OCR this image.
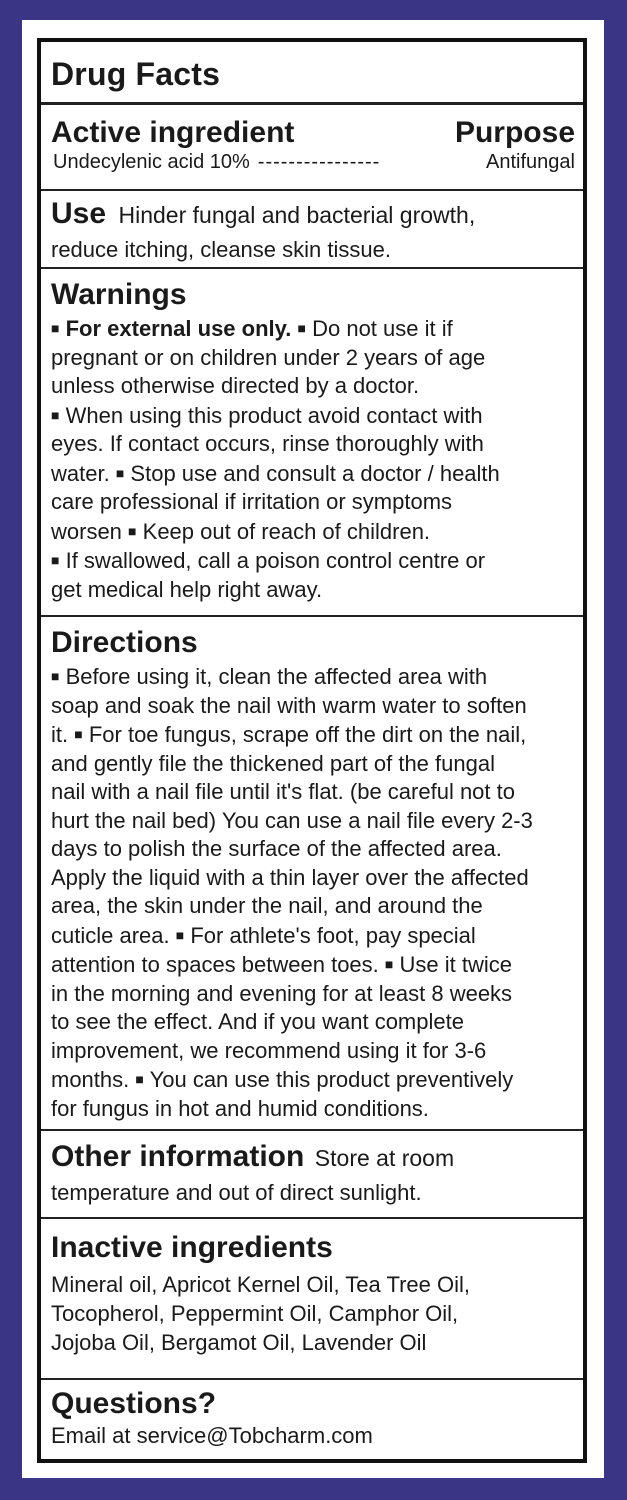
Drug Facts
Active ingredient	Purpose
Undecylenic acid 10% ----------------	Antifungal
Use Hinder fungal and bacterial growth,

reduce itching, cleanse skin tissue.

Warnings

■ For external use only. ■ Do not use it if
pregnant or on children under 2 years of age
unless otherwise directed by a doctor.
■ When using this product avoid contact with
eyes. If contact occurs, rinse thoroughly with
water. ■ Stop use and consult a doctor / health
care professional if irritation or symptoms
worsen ■ Keep out of reach of children.
■ If swallowed, call a poison control centre or
get medical help right away.

Directions

■ Before using it, clean the affected area with
soap and soak the nail with warm water to soften
it. ■ For toe fungus, scrape off the dirt on the nail,
and gently file the thickened part of the fungal
nail with a nail file until it's flat. (be careful not to
hurt the nail bed) You can use a nail file every 2-3
days to polish the surface of the affected area.
Apply the liquid with a thin layer over the affected
area, the skin under the nail, and around the
cuticle area. ■ For athlete's foot, pay special
attention to spaces between toes. ■ Use it twice
in the morning and evening for at least 8 weeks
to see the effect. And if you want complete
improvement, we recommend using it for 3-6
months. ■ You can use this product preventively
for fungus in hot and humid conditions.

Other information Store at room

temperature and out of direct sunlight.

Inactive ingredients

Mineral oil, Apricot Kernel Oil, Tea Tree Oil,
Tocopherol, Peppermint Oil, Camphor Oil,
Jojoba Oil, Bergamot Oil, Lavender Oil

Questions?

Email at service@Tobcharm.com
